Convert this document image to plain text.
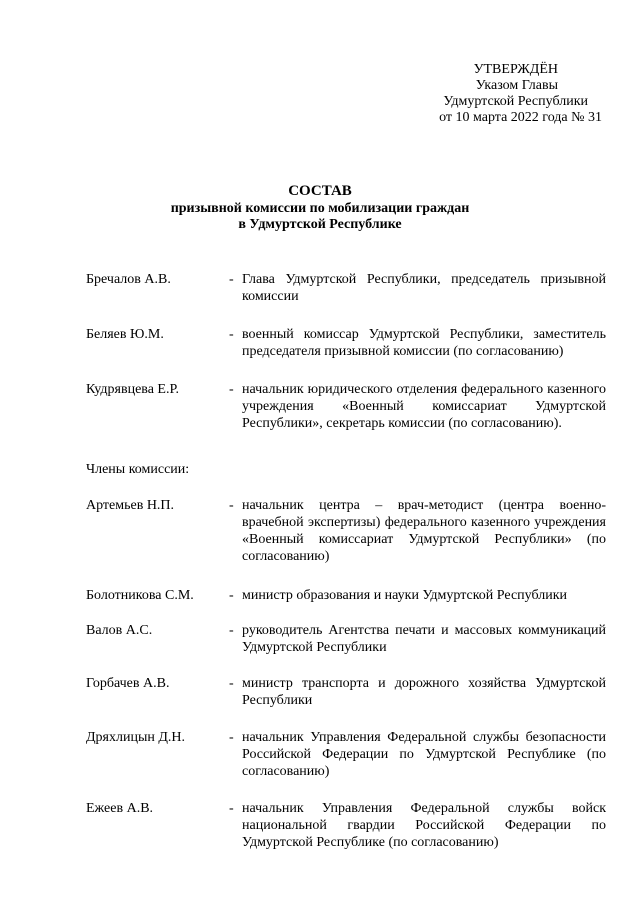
УТВЕРЖДЁН
Указом Главы
Удмуртской Республики
от 10 марта 2022 года № 31
СОСТАВ
призывной комиссии по мобилизации граждан
в Удмуртской Республике
Бречалов А.В.	- Глава Удмуртской Республики, председатель призывной комиссии
Беляев Ю.М.	- военный комиссар Удмуртской Республики, заместитель председателя призывной комиссии (по согласованию)
Кудрявцева Е.Р.	- начальник юридического отделения федерального казенного учреждения «Военный комиссариат Удмуртской Республики», секретарь комиссии (по согласованию).
Члены комиссии:
Артемьев Н.П.	- начальник центра – врач-методист (центра военно-врачебной экспертизы) федерального казенного учреждения «Военный комиссариат Удмуртской Республики» (по согласованию)
Болотникова С.М.	- министр образования и науки Удмуртской Республики
Валов А.С.	- руководитель Агентства печати и массовых коммуникаций Удмуртской Республики
Горбачев А.В.	- министр транспорта и дорожного хозяйства Удмуртской Республики
Дряхлицын Д.Н.	- начальник Управления Федеральной службы безопасности Российской Федерации по Удмуртской Республике (по согласованию)
Ежеев А.В.	- начальник Управления Федеральной службы войск национальной гвардии Российской Федерации по Удмуртской Республике (по согласованию)
